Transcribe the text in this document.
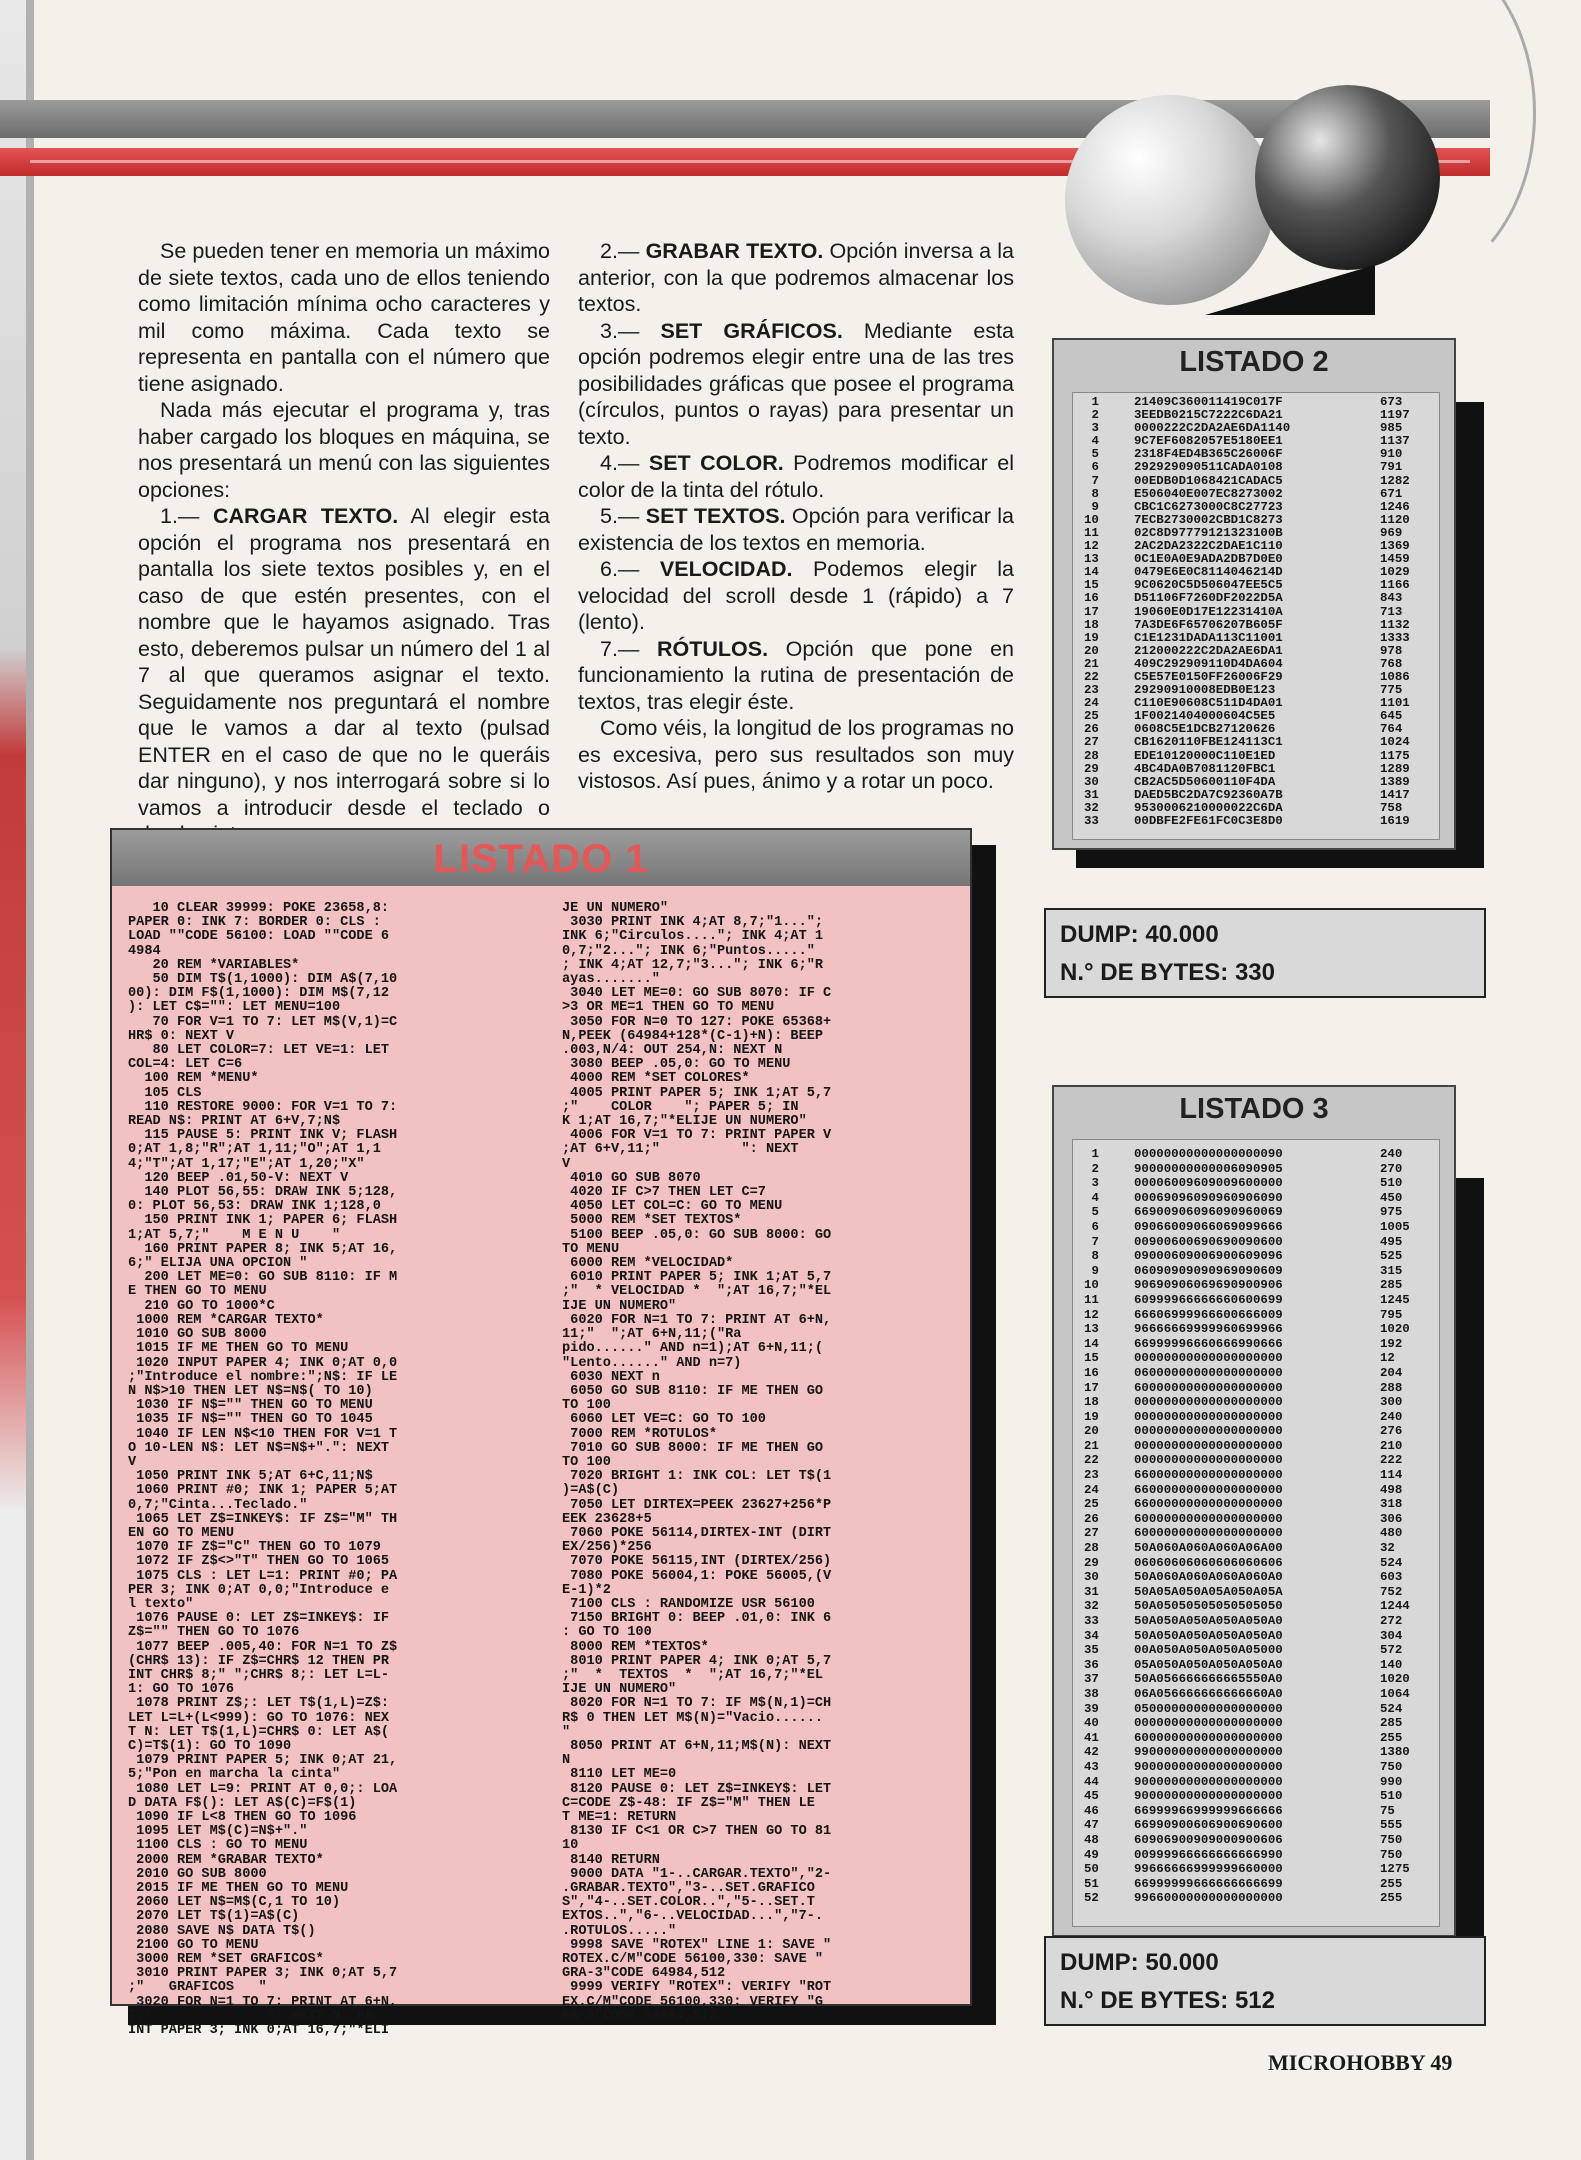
Se pueden tener en memoria un máximo de siete textos, cada uno de ellos teniendo como limitación mínima ocho caracteres y mil como máxima. Cada texto se representa en pantalla con el número que tiene asignado.

Nada más ejecutar el programa y, tras haber cargado los bloques en máquina, se nos presentará un menú con las siguientes opciones:

1.— CARGAR TEXTO. Al elegir esta opción el programa nos presentará en pantalla los siete textos posibles y, en el caso de que estén presentes, con el nombre que le hayamos asignado. Tras esto, deberemos pulsar un número del 1 al 7 al que queramos asignar el texto. Seguidamente nos preguntará el nombre que le vamos a dar al texto (pulsad ENTER en el caso de que no le queráis dar ninguno), y nos interrogará sobre si lo vamos a introducir desde el teclado o

2.— GRABAR TEXTO. Opción inversa a la anterior, con la que podremos almacenar los textos.

3.— SET GRÁFICOS. Mediante esta opción podremos elegir entre una de las tres posibilidades gráficas que posee el programa (círculos, puntos o rayas) para presentar un texto.

4.— SET COLOR. Podremos modificar el color de la tinta del rótulo.

5.— SET TEXTOS. Opción para verificar la existencia de los textos en memoria.

6.— VELOCIDAD. Podemos elegir la velocidad del scroll desde 1 (rápido) a 7 (lento).

7.— RÓTULOS. Opción que pone en funcionamiento la rutina de presentación de textos, tras elegir éste.

Como véis, la longitud de los programas no es excesiva, pero sus resultados son muy vistosos. Así pues, ánimo y a rotar un poco.

LISTADO 1
10 CLEAR 39999: POKE 23658,8:
PAPER 0: INK 7: BORDER 0: CLS :
LOAD ""CODE 56100: LOAD ""CODE 6
4984
20 REM *VARIABLES*
50 DIM T$(1,1000): DIM A$(7,10
00): DIM F$(1,1000): DIM M$(7,12
): LET C$="": LET MENU=100
70 FOR V=1 TO 7: LET M$(V,1)=C
HR$ 0: NEXT V
80 LET COLOR=7: LET VE=1: LET
COL=4: LET C=6
100 REM *MENU*
105 CLS
110 RESTORE 9000: FOR V=1 TO 7:
READ N$: PRINT AT 6+V,7;N$
115 PAUSE 5: PRINT INK V; FLASH
0;AT 1,8;"R";AT 1,11;"O";AT 1,1
4;"T";AT 1,17;"E";AT 1,20;"X"
120 BEEP .01,50-V: NEXT V
140 PLOT 56,55: DRAW INK 5;128,
0: PLOT 56,53: DRAW INK 1;128,0
150 PRINT INK 1; PAPER 6; FLASH
1;AT 5,7;"    M E N U    "
160 PRINT PAPER 8; INK 5;AT 16,
6;" ELIJA UNA OPCION "
200 LET ME=0: GO SUB 8110: IF M
E THEN GO TO MENU
210 GO TO 1000*C
1000 REM *CARGAR TEXTO*
1010 GO SUB 8000
1015 IF ME THEN GO TO MENU
1020 INPUT PAPER 4; INK 0;AT 0,0
;"Introduce el nombre:";N$: IF LE
N N$>10 THEN LET N$=N$( TO 10)
1030 IF N$="" THEN GO TO MENU
1035 IF N$="" THEN GO TO 1045
1040 IF LEN N$<10 THEN FOR V=1 T
O 10-LEN N$: LET N$=N$+".": NEXT
V
1050 PRINT INK 5;AT 6+C,11;N$
1060 PRINT #0; INK 1; PAPER 5;AT
0,7;"Cinta...Teclado."
1065 LET Z$=INKEY$: IF Z$="M" TH
EN GO TO MENU
1070 IF Z$="C" THEN GO TO 1079
1072 IF Z$<>"T" THEN GO TO 1065
1075 CLS : LET L=1: PRINT #0; PA
PER 3; INK 0;AT 0,0;"Introduce e
l texto"
1076 PAUSE 0: LET Z$=INKEY$: IF
Z$="" THEN GO TO 1076
1077 BEEP .005,40: FOR N=1 TO Z$
(CHR$ 13): IF Z$=CHR$ 12 THEN PR
INT CHR$ 8;" ";CHR$ 8;: LET L=L-
1: GO TO 1076
1078 PRINT Z$;: LET T$(1,L)=Z$:
LET L=L+(L<999): GO TO 1076: NEX
T N: LET T$(1,L)=CHR$ 0: LET A$(
C)=T$(1): GO TO 1090
1079 PRINT PAPER 5; INK 0;AT 21,
5;"Pon en marcha la cinta"
1080 LET L=9: PRINT AT 0,0;: LOA
D DATA F$(): LET A$(C)=F$(1)
1090 IF L<8 THEN GO TO 1096
1095 LET M$(C)=N$+"."
1100 CLS : GO TO MENU
2000 REM *GRABAR TEXTO*
2010 GO SUB 8000
2015 IF ME THEN GO TO MENU
2060 LET N$=M$(C,1 TO 10)
2070 LET T$(1)=A$(C)
2080 SAVE N$ DATA T$()
2100 GO TO MENU
3000 REM *SET GRAFICOS*
3010 PRINT PAPER 3; INK 0;AT 5,7
;"   GRAFICOS   "
3020 FOR N=1 TO 7: PRINT AT 6+N,
7;"              ": NEXT N: PA
INT PAPER 3; INK 0;AT 16,7;"*ELI
JE UN NUMERO"
3030 PRINT INK 4;AT 8,7;"1...";
INK 6;"Circulos...."; INK 4;AT 1
0,7;"2..."; INK 6;"Puntos....."
; INK 4;AT 12,7;"3..."; INK 6;"R
ayas......."
3040 LET ME=0: GO SUB 8070: IF C
>3 OR ME=1 THEN GO TO MENU
3050 FOR N=0 TO 127: POKE 65368+
N,PEEK (64984+128*(C-1)+N): BEEP
.003,N/4: OUT 254,N: NEXT N
3080 BEEP .05,0: GO TO MENU
4000 REM *SET COLORES*
4005 PRINT PAPER 5; INK 1;AT 5,7
;"    COLOR    "; PAPER 5; IN
K 1;AT 16,7;"*ELIJE UN NUMERO"
4006 FOR V=1 TO 7: PRINT PAPER V
;AT 6+V,11;"          ": NEXT
V
4010 GO SUB 8070
4020 IF C>7 THEN LET C=7
4050 LET COL=C: GO TO MENU
5000 REM *SET TEXTOS*
5100 BEEP .05,0: GO SUB 8000: GO
TO MENU
6000 REM *VELOCIDAD*
6010 PRINT PAPER 5; INK 1;AT 5,7
;"  * VELOCIDAD *  ";AT 16,7;"*EL
IJE UN NUMERO"
6020 FOR N=1 TO 7: PRINT AT 6+N,
11;"  ";AT 6+N,11;("Ra
pido......" AND n=1);AT 6+N,11;(
"Lento......" AND n=7)
6030 NEXT n
6050 GO SUB 8110: IF ME THEN GO
TO 100
6060 LET VE=C: GO TO 100
7000 REM *ROTULOS*
7010 GO SUB 8000: IF ME THEN GO
TO 100
7020 BRIGHT 1: INK COL: LET T$(1
)=A$(C)
7050 LET DIRTEX=PEEK 23627+256*P
EEK 23628+5
7060 POKE 56114,DIRTEX-INT (DIRT
EX/256)*256
7070 POKE 56115,INT (DIRTEX/256)
7080 POKE 56004,1: POKE 56005,(V
E-1)*2
7100 CLS : RANDOMIZE USR 56100
7150 BRIGHT 0: BEEP .01,0: INK 6
: GO TO 100
8000 REM *TEXTOS*
8010 PRINT PAPER 4; INK 0;AT 5,7
;"  *  TEXTOS  *  ";AT 16,7;"*EL
IJE UN NUMERO"
8020 FOR N=1 TO 7: IF M$(N,1)=CH
R$ 0 THEN LET M$(N)="Vacio......
"
8050 PRINT AT 6+N,11;M$(N): NEXT
N
8110 LET ME=0
8120 PAUSE 0: LET Z$=INKEY$: LET
C=CODE Z$-48: IF Z$="M" THEN LE
T ME=1: RETURN
8130 IF C<1 OR C>7 THEN GO TO 81
10
8140 RETURN
9000 DATA "1-..CARGAR.TEXTO","2-
.GRABAR.TEXTO","3-..SET.GRAFICO
S","4-..SET.COLOR..","5-..SET.T
EXTOS..","6-..VELOCIDAD...","7-.
.ROTULOS....."
9998 SAVE "ROTEX" LINE 1: SAVE "
ROTEX.C/M"CODE 56100,330: SAVE "
GRA-3"CODE 64984,512
9999 VERIFY "ROTEX": VERIFY "ROT
EX.C/M"CODE 56100,330: VERIFY "G
RA-3"CODE 64984,512
LISTADO 2
1
2
3
4
5
6
7
8
9
10
11
12
13
14
15
16
17
18
19
20
21
22
23
24
25
26
27
28
29
30
31
32
33
21409C360011419C017F
3EEDB0215C7222C6DA21
0000222C2DA2AE6DA1140
9C7EF6082057E5180EE1
2318F4ED4B365C26006F
292929090511CADA0108
00EDB0D1068421CADAC5
E506040E007EC8273002
CBC1C6273000C8C27723
7ECB2730002CBD1C8273
02C8D97779121323100B
2AC2DA2322C2DAE1C110
0C1E0A0E9ADA2DB7D0E0
0479E6E0C8114046214D
9C0620C5D506047EE5C5
D51106F7260DF2022D5A
19060E0D17E12231410A
7A3DE6F65706207B605F
C1E1231DADA113C11001
212000222C2DA2AE6DA1
409C292909110D4DA604
C5E57E0150FF26006F29
29290910008EDB0E123
C110E90608C511D4DA01
1F0021404000604C5E5
0608C5E1DCB27120626
CB1620110FBE124113C1
EDE10120000C110E1ED
4BC4DA0B7081120FBC1
CB2AC5D50600110F4DA
DAED5BC2DA7C92360A7B
9530006210000022C6DA
00DBFE2FE61FC0C3E8D0
673
1197
985
1137
910
791
1282
671
1246
1120
969
1369
1459
1029
1166
843
713
1132
1333
978
768
1086
775
1101
645
764
1024
1175
1289
1389
1417
758
1619
DUMP: 40.000
N.° DE BYTES: 330
LISTADO 3
1
2
3
4
5
6
7
8
9
10
11
12
13
14
15
16
17
18
19
20
21
22
23
24
25
26
27
28
29
30
31
32
33
34
35
36
37
38
39
40
41
42
43
44
45
46
47
48
49
50
51
52
00000000000000000090
90000000000006090905
00006009609009600000
00069096090960906090
66900906096090960069
09066009066069099666
00900600690690090600
09000609006900609096
06090909090969090609
90690906069690900906
60999966666660600699
66606999966600666009
96666669999960699966
66999996660666990666
00000000000000000000
06000000000000000000
60000000000000000000
00000000000000000000
00000000000000000000
00000000000000000000
00000000000000000000
00000000000000000000
66000000000000000000
66000000000000000000
66000000000000000000
60000000000000000000
60000000000000000000
50A060A060A060A06A00
06060606060606060606
50A060A060A060A060A0
50A05A050A05A050A05A
50A05050505050505050
50A050A050A050A050A0
50A050A050A050A050A0
00A050A050A050A05000
05A050A050A050A050A0
50A056666666665550A0
06A056666666666660A0
05000000000000000000
00000000000000000000
60000000000000000000
99000000000000000000
90000000000000000000
90000000000000000000
90000000000000000000
66999966999999666666
66990900606900690600
60906900909000900606
00999966666666666990
99666666999999660000
66999999666666666699
99660000000000000000
240
270
510
450
975
1005
495
525
315
285
1245
795
1020
192
12
204
288
300
240
276
210
222
114
498
318
306
480
32
524
603
752
1244
272
304
572
140
1020
1064
524
285
255
1380
750
990
510
75
555
750
750
1275
255
255
DUMP: 50.000
N.° DE BYTES: 512
MICROHOBBY 49
